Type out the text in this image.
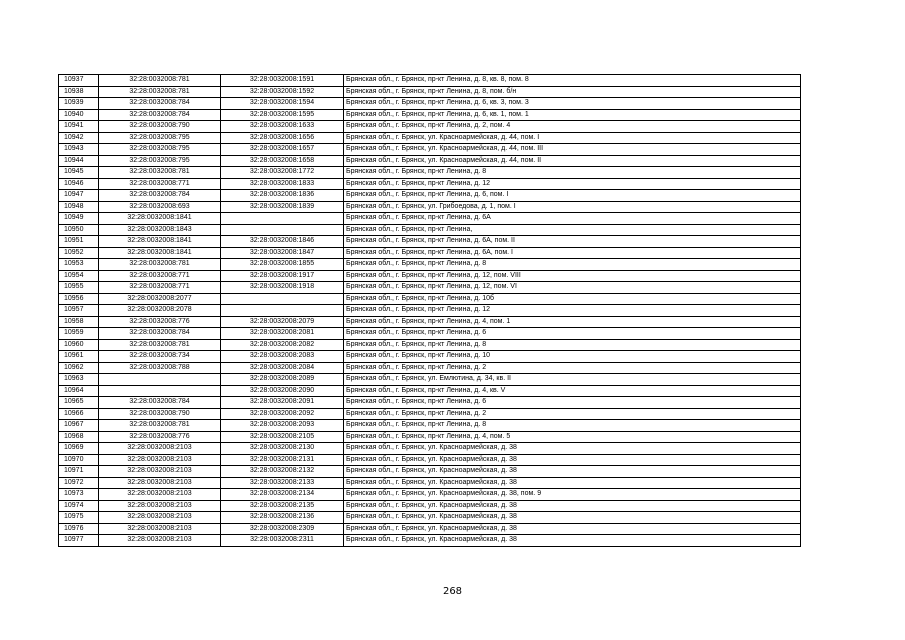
10937	32:28:0032008:781	32:28:0032008:1591	Брянская обл., г. Брянск, пр-кт Ленина, д. 8, кв. 8, пом. 8
10938	32:28:0032008:781	32:28:0032008:1592	Брянская обл., г. Брянск, пр-кт Ленина, д. 8, пом. б/н
10939	32:28:0032008:784	32:28:0032008:1594	Брянская обл., г. Брянск, пр-кт Ленина, д. 6, кв. 3, пом. 3
10940	32:28:0032008:784	32:28:0032008:1595	Брянская обл., г. Брянск, пр-кт Ленина, д. 6, кв. 1, пом. 1
10941	32:28:0032008:790	32:28:0032008:1633	Брянская обл., г. Брянск, пр-кт Ленина, д. 2, пом. 4
10942	32:28:0032008:795	32:28:0032008:1656	Брянская обл., г. Брянск, ул. Красноармейская, д. 44, пом. I
10943	32:28:0032008:795	32:28:0032008:1657	Брянская обл., г. Брянск, ул. Красноармейская, д. 44, пом. III
10944	32:28:0032008:795	32:28:0032008:1658	Брянская обл., г. Брянск, ул. Красноармейская, д. 44, пом. II
10945	32:28:0032008:781	32:28:0032008:1772	Брянская обл., г. Брянск, пр-кт Ленина, д. 8
10946	32:28:0032008:771	32:28:0032008:1833	Брянская обл., г. Брянск, пр-кт Ленина, д. 12
10947	32:28:0032008:784	32:28:0032008:1836	Брянская обл., г. Брянск, пр-кт Ленина, д. 6, пом. I
10948	32:28:0032008:693	32:28:0032008:1839	Брянская обл., г. Брянск, ул. Грибоедова, д. 1, пом. I
10949	32:28:0032008:1841		Брянская обл., г. Брянск, пр-кт Ленина, д. 6А
10950	32:28:0032008:1843		Брянская обл., г. Брянск, пр-кт Ленина,
10951	32:28:0032008:1841	32:28:0032008:1846	Брянская обл., г. Брянск, пр-кт Ленина, д. 6А, пом. II
10952	32:28:0032008:1841	32:28:0032008:1847	Брянская обл., г. Брянск, пр-кт Ленина, д. 6А, пом. I
10953	32:28:0032008:781	32:28:0032008:1855	Брянская обл., г. Брянск, пр-кт Ленина, д. 8
10954	32:28:0032008:771	32:28:0032008:1917	Брянская обл., г. Брянск, пр-кт Ленина, д. 12, пом. VIII
10955	32:28:0032008:771	32:28:0032008:1918	Брянская обл., г. Брянск, пр-кт Ленина, д. 12, пом. VI
10956	32:28:0032008:2077		Брянская обл., г. Брянск, пр-кт Ленина, д. 10б
10957	32:28:0032008:2078		Брянская обл., г. Брянск, пр-кт Ленина, д. 12
10958	32:28:0032008:776	32:28:0032008:2079	Брянская обл., г. Брянск, пр-кт Ленина, д. 4, пом. 1
10959	32:28:0032008:784	32:28:0032008:2081	Брянская обл., г. Брянск, пр-кт Ленина, д. 6
10960	32:28:0032008:781	32:28:0032008:2082	Брянская обл., г. Брянск, пр-кт Ленина, д. 8
10961	32:28:0032008:734	32:28:0032008:2083	Брянская обл., г. Брянск, пр-кт Ленина, д. 10
10962	32:28:0032008:788	32:28:0032008:2084	Брянская обл., г. Брянск, пр-кт Ленина, д. 2
10963		32:28:0032008:2089	Брянская обл., г. Брянск, ул. Емлютина, д. 34, кв. II
10964		32:28:0032008:2090	Брянская обл., г. Брянск, пр-кт Ленина, д. 4, кв. V
10965	32:28:0032008:784	32:28:0032008:2091	Брянская обл., г. Брянск, пр-кт Ленина, д. 6
10966	32:28:0032008:790	32:28:0032008:2092	Брянская обл., г. Брянск, пр-кт Ленина, д. 2
10967	32:28:0032008:781	32:28:0032008:2093	Брянская обл., г. Брянск, пр-кт Ленина, д. 8
10968	32:28:0032008:776	32:28:0032008:2105	Брянская обл., г. Брянск, пр-кт Ленина, д. 4, пом. 5
10969	32:28:0032008:2103	32:28:0032008:2130	Брянская обл., г. Брянск, ул. Красноармейская, д. 38
10970	32:28:0032008:2103	32:28:0032008:2131	Брянская обл., г. Брянск, ул. Красноармейская, д. 38
10971	32:28:0032008:2103	32:28:0032008:2132	Брянская обл., г. Брянск, ул. Красноармейская, д. 38
10972	32:28:0032008:2103	32:28:0032008:2133	Брянская обл., г. Брянск, ул. Красноармейская, д. 38
10973	32:28:0032008:2103	32:28:0032008:2134	Брянская обл., г. Брянск, ул. Красноармейская, д. 38, пом. 9
10974	32:28:0032008:2103	32:28:0032008:2135	Брянская обл., г. Брянск, ул. Красноармейская, д. 38
10975	32:28:0032008:2103	32:28:0032008:2136	Брянская обл., г. Брянск, ул. Красноармейская, д. 38
10976	32:28:0032008:2103	32:28:0032008:2309	Брянская обл., г. Брянск, ул. Красноармейская, д. 38
10977	32:28:0032008:2103	32:28:0032008:2311	Брянская обл., г. Брянск, ул. Красноармейская, д. 38
268
